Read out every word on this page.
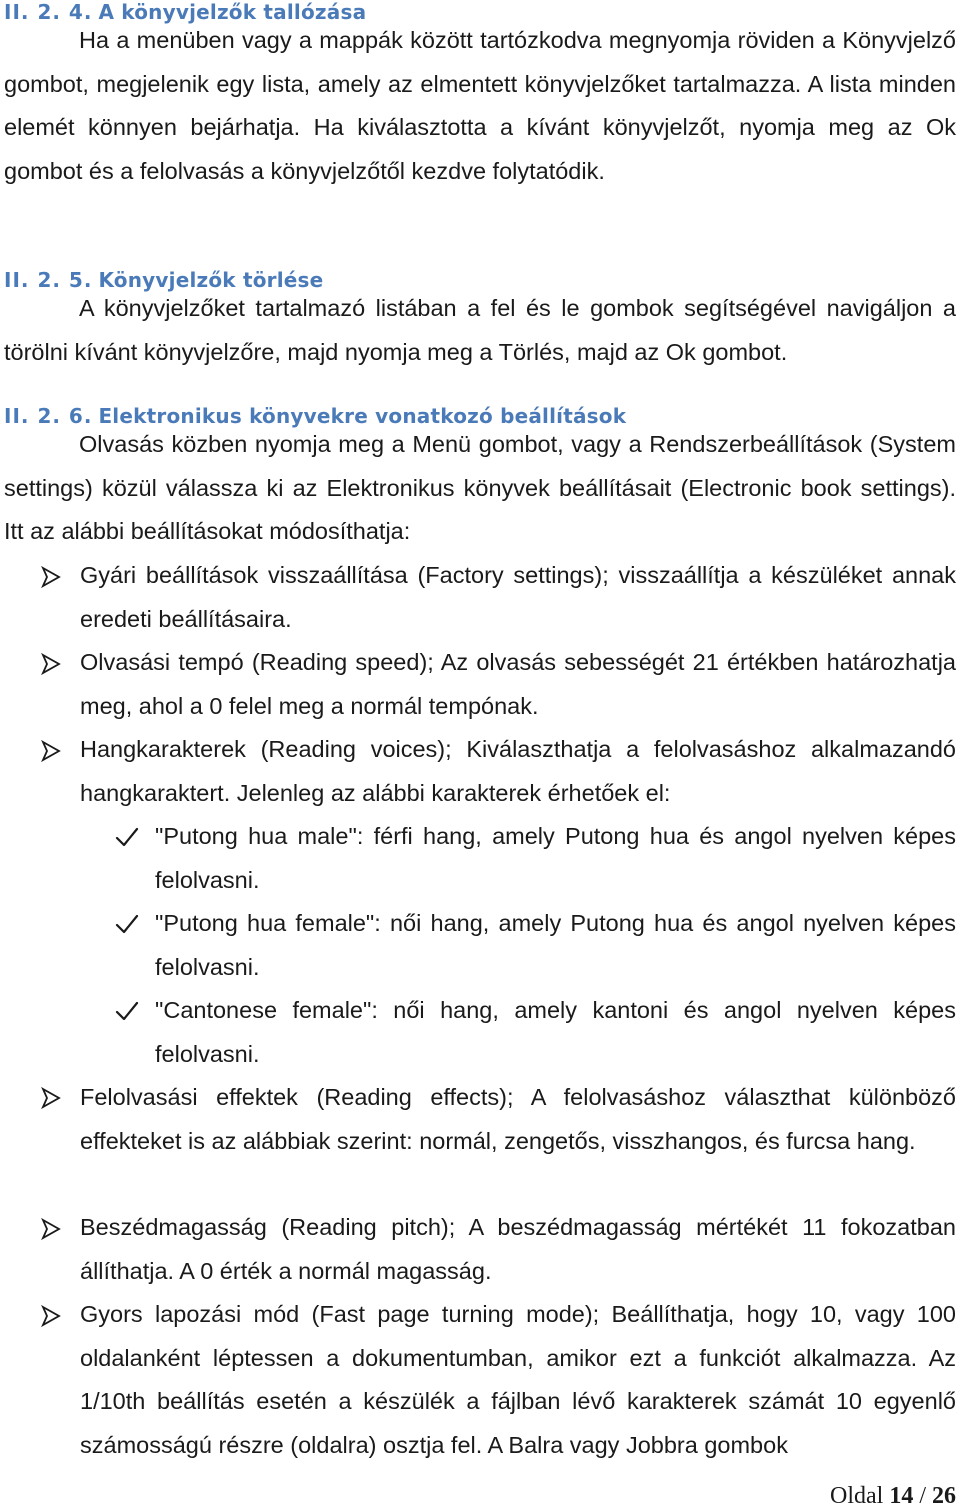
II. 2. 4. A könyvjelzők tallózása

Ha a menüben vagy a mappák között tartózkodva megnyomja röviden a Könyvjelző gombot, megjelenik egy lista, amely az elmentett könyvjelzőket tartalmazza. A lista minden elemét könnyen bejárhatja. Ha kiválasztotta a kívánt könyvjelzőt, nyomja meg az Ok gombot és a felolvasás a könyvjelzőtől kezdve folytatódik.

II. 2. 5. Könyvjelzők törlése

A könyvjelzőket tartalmazó listában a fel és le gombok segítségével navigáljon a törölni kívánt könyvjelzőre, majd nyomja meg a Törlés, majd az Ok gombot.

II. 2. 6. Elektronikus könyvekre vonatkozó beállítások

Olvasás közben nyomja meg a Menü gombot, vagy a Rendszerbeállítások (System settings) közül válassza ki az Elektronikus könyvek beállításait (Electronic book settings). Itt az alábbi beállításokat módosíthatja:

Gyári beállítások visszaállítása (Factory settings); visszaállítja a készüléket annak eredeti beállításaira.

Olvasási tempó (Reading speed); Az olvasás sebességét 21 értékben határozhatja meg, ahol a 0 felel meg a normál tempónak.

Hangkarakterek (Reading voices); Kiválaszthatja a felolvasáshoz alkalmazandó hangkaraktert. Jelenleg az alábbi karakterek érhetőek el:

"Putong hua male": férfi hang, amely Putong hua és angol nyelven képes felolvasni.

"Putong hua female": női hang, amely Putong hua és angol nyelven képes felolvasni.

"Cantonese female": női hang, amely kantoni és angol nyelven képes felolvasni.

Felolvasási effektek (Reading effects); A felolvasáshoz választhat különböző effekteket is az alábbiak szerint: normál, zengetős, visszhangos, és furcsa hang.

Beszédmagasság (Reading pitch); A beszédmagasság mértékét 11 fokozatban állíthatja. A 0 érték a normál magasság.

Gyors lapozási mód (Fast page turning mode); Beállíthatja, hogy 10, vagy 100 oldalanként léptessen a dokumentumban, amikor ezt a funkciót alkalmazza. Az 1/10th beállítás esetén a készülék a fájlban lévő karakterek számát 10 egyenlő számosságú részre (oldalra) osztja fel. A Balra vagy Jobbra gombok

Oldal 14 / 26
